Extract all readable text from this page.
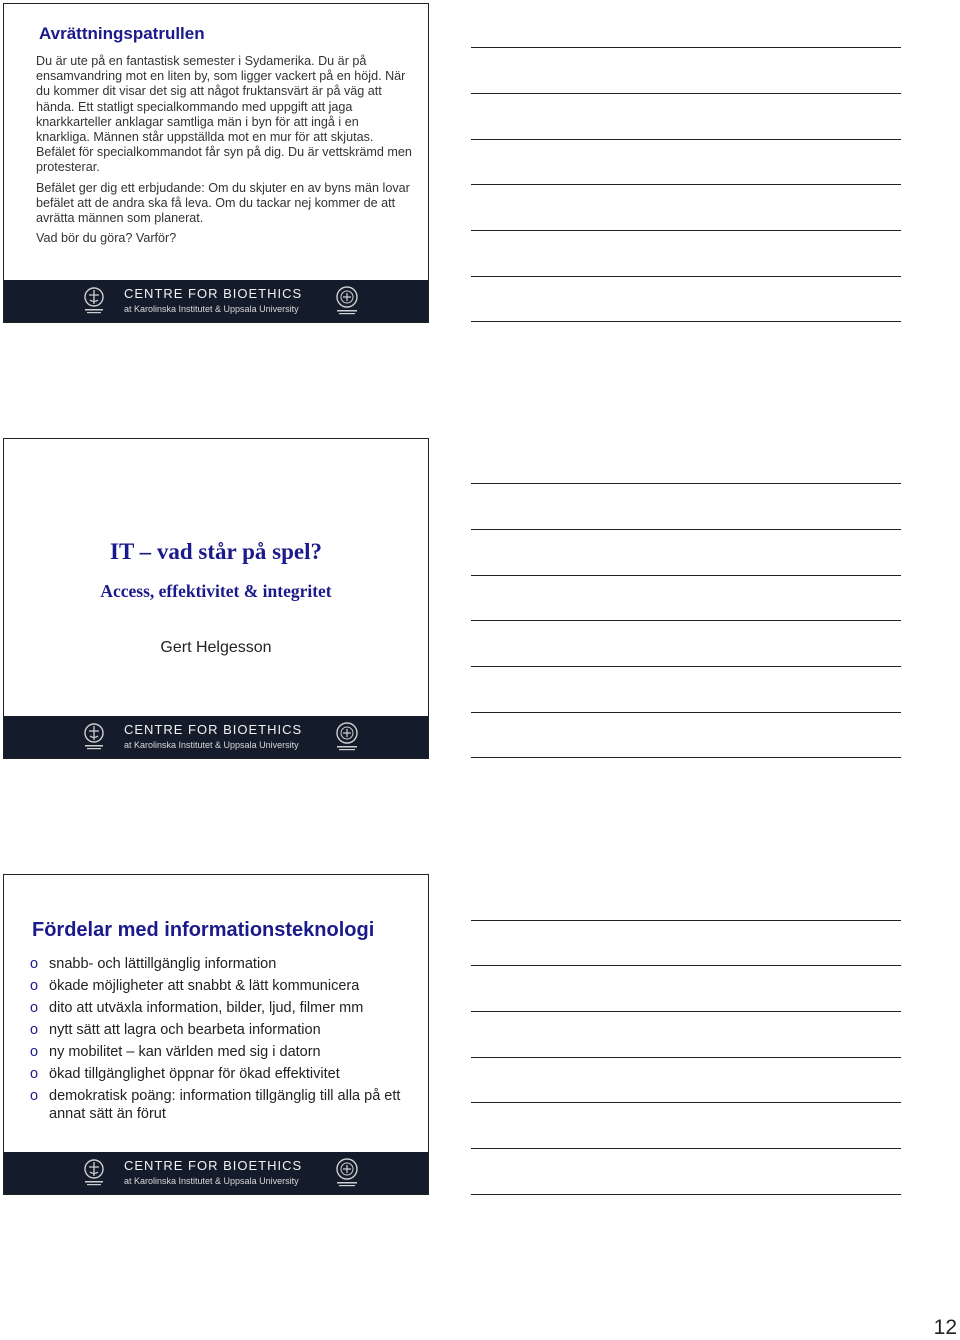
Avrättningspatrullen

Du är ute på en fantastisk semester i Sydamerika. Du är på ensamvandring mot en liten by, som ligger vackert på en höjd. När du kommer dit visar det sig att något fruktansvärt är på väg att hända. Ett statligt specialkommando med uppgift att jaga knarkkarteller anklagar samtliga män i byn för att ingå i en knarkliga. Männen står uppställda mot en mur för att skjutas. Befälet för specialkommandot får syn på dig. Du är vettskrämd men protesterar.

Befälet ger dig ett erbjudande: Om du skjuter en av byns män lovar befälet att de andra ska få leva. Om du tackar nej kommer de att avrätta männen som planerat.

Vad bör du göra? Varför?

CENTRE FOR BIOETHICS
at Karolinska Institutet & Uppsala University
IT – vad står på spel?
Access, effektivitet & integritet
Gert Helgesson
CENTRE FOR BIOETHICS
at Karolinska Institutet & Uppsala University
Fördelar med informationsteknologi
o snabb- och lättillgänglig information
o ökade möjligheter att snabbt & lätt kommunicera
o dito att utväxla information, bilder, ljud, filmer mm
o nytt sätt att lagra och bearbeta information
o ny mobilitet – kan världen med sig i datorn
o ökad tillgänglighet öppnar för ökad effektivitet
o demokratisk poäng: information tillgänglig till alla på ett annat sätt än förut
CENTRE FOR BIOETHICS
at Karolinska Institutet & Uppsala University
12
